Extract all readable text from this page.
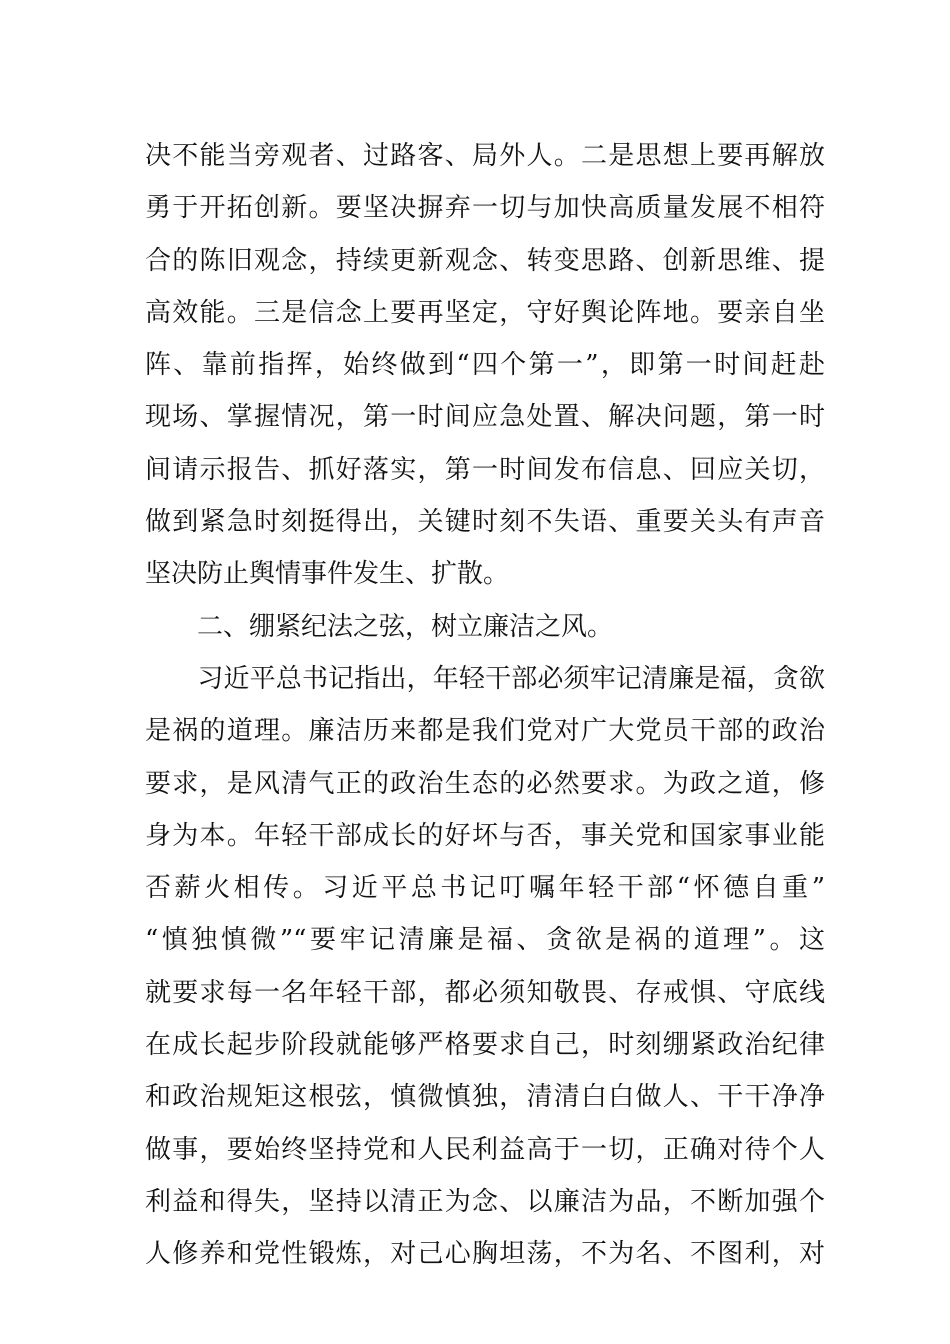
决不能当旁观者、过路客、局外人。二是思想上要再解放
勇于开拓创新。要坚决摒弃一切与加快高质量发展不相符
合的陈旧观念，持续更新观念、转变思路、创新思维、提
高效能。三是信念上要再坚定，守好舆论阵地。要亲自坐
阵、靠前指挥，始终做到“四个第一”，即第一时间赶赴
现场、掌握情况，第一时间应急处置、解决问题，第一时
间请示报告、抓好落实，第一时间发布信息、回应关切，
做到紧急时刻挺得出，关键时刻不失语、重要关头有声音
坚决防止舆情事件发生、扩散。
　　二、绷紧纪法之弦，树立廉洁之风。
　　习近平总书记指出，年轻干部必须牢记清廉是福，贪欲
是祸的道理。廉洁历来都是我们党对广大党员干部的政治
要求，是风清气正的政治生态的必然要求。为政之道，修
身为本。年轻干部成长的好坏与否，事关党和国家事业能
否薪火相传。习近平总书记叮嘱年轻干部“怀德自重”
“慎独慎微”“要牢记清廉是福、贪欲是祸的道理”。这
就要求每一名年轻干部，都必须知敬畏、存戒惧、守底线
在成长起步阶段就能够严格要求自己，时刻绷紧政治纪律
和政治规矩这根弦，慎微慎独，清清白白做人、干干净净
做事，要始终坚持党和人民利益高于一切，正确对待个人
利益和得失，坚持以清正为念、以廉洁为品，不断加强个
人修养和党性锻炼，对己心胸坦荡，不为名、不图利，对
